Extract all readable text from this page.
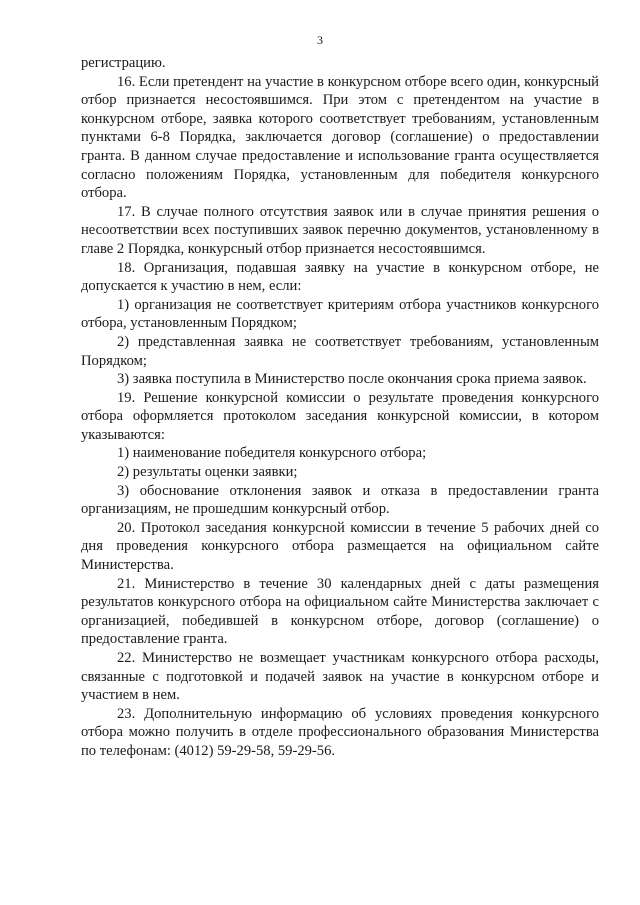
3

регистрацию.

16. Если претендент на участие в конкурсном отборе всего один, конкурсный отбор признается несостоявшимся. При этом с претендентом на участие в конкурсном отборе, заявка которого соответствует требованиям, установленным пунктами 6-8 Порядка, заключается договор (соглашение) о предоставлении гранта. В данном случае предоставление и использование гранта осуществляется согласно положениям Порядка, установленным для победителя конкурсного отбора.

17. В случае полного отсутствия заявок или в случае принятия решения о несоответствии всех поступивших заявок перечню документов, установленному в главе 2 Порядка, конкурсный отбор признается несостоявшимся.

18. Организация, подавшая заявку на участие в конкурсном отборе, не допускается к участию в нем, если:

1) организация не соответствует критериям отбора участников конкурсного отбора, установленным Порядком;

2) представленная заявка не соответствует требованиям, установленным Порядком;

3) заявка поступила в Министерство после окончания срока приема заявок.

19. Решение конкурсной комиссии о результате проведения конкурсного отбора оформляется протоколом заседания конкурсной комиссии, в котором указываются:

1) наименование победителя конкурсного отбора;

2) результаты оценки заявки;

3) обоснование отклонения заявок и отказа в предоставлении гранта организациям, не прошедшим конкурсный отбор.

20. Протокол заседания конкурсной комиссии в течение 5 рабочих дней со дня проведения конкурсного отбора размещается на официальном сайте Министерства.

21. Министерство в течение 30 календарных дней с даты размещения результатов конкурсного отбора на официальном сайте Министерства заключает с организацией, победившей в конкурсном отборе, договор (соглашение) о предоставление гранта.

22. Министерство не возмещает участникам конкурсного отбора расходы, связанные с подготовкой и подачей заявок на участие в конкурсном отборе и участием в нем.

23. Дополнительную информацию об условиях проведения конкурсного отбора можно получить в отделе профессионального образования Министерства по телефонам: (4012) 59-29-58, 59-29-56.
